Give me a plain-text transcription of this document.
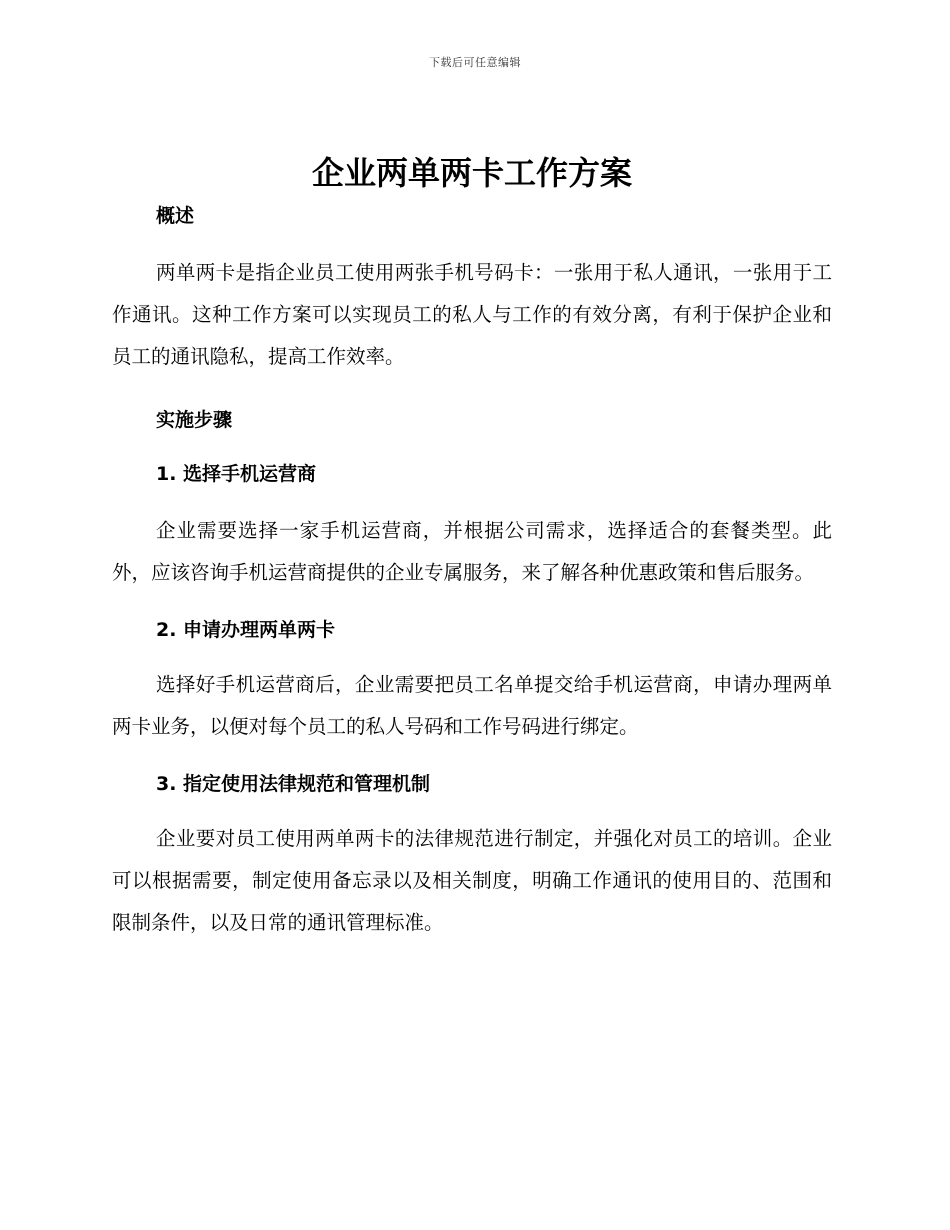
下载后可任意编辑
企业两单两卡工作方案
概述

两单两卡是指企业员工使用两张手机号码卡：一张用于私人通讯，一张用于工作通讯。这种工作方案可以实现员工的私人与工作的有效分离，有利于保护企业和员工的通讯隐私，提高工作效率。

实施步骤
1. 选择手机运营商

企业需要选择一家手机运营商，并根据公司需求，选择适合的套餐类型。此外，应该咨询手机运营商提供的企业专属服务，来了解各种优惠政策和售后服务。

2. 申请办理两单两卡

选择好手机运营商后，企业需要把员工名单提交给手机运营商，申请办理两单两卡业务，以便对每个员工的私人号码和工作号码进行绑定。

3. 指定使用法律规范和管理机制

企业要对员工使用两单两卡的法律规范进行制定，并强化对员工的培训。企业可以根据需要，制定使用备忘录以及相关制度，明确工作通讯的使用目的、范围和限制条件，以及日常的通讯管理标准。
